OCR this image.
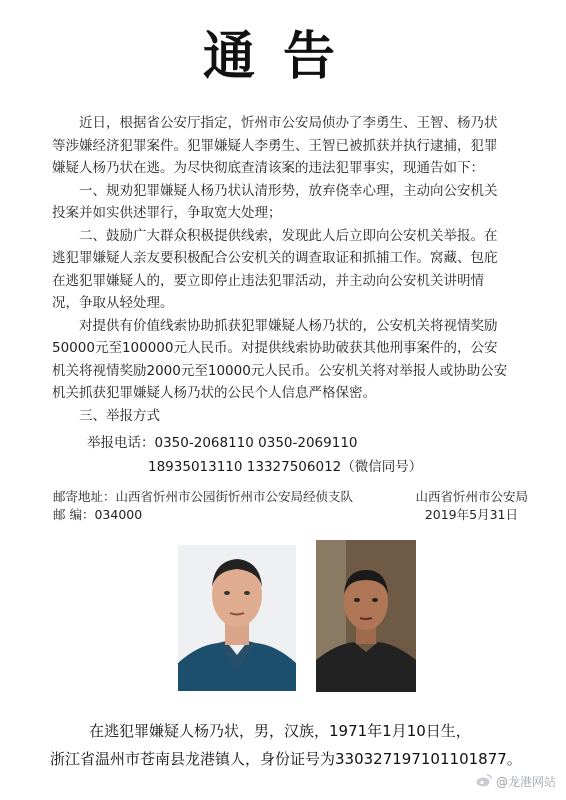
通告

近日，根据省公安厅指定，忻州市公安局侦办了李勇生、王智、杨乃状等涉嫌经济犯罪案件。犯罪嫌疑人李勇生、王智已被抓获并执行逮捕，犯罪嫌疑人杨乃状在逃。为尽快彻底查清该案的违法犯罪事实，现通告如下：

一、规劝犯罪嫌疑人杨乃状认清形势，放弃侥幸心理，主动向公安机关投案并如实供述罪行，争取宽大处理；

二、鼓励广大群众积极提供线索，发现此人后立即向公安机关举报。在逃犯罪嫌疑人亲友要积极配合公安机关的调查取证和抓捕工作。窝藏、包庇在逃犯罪嫌疑人的，要立即停止违法犯罪活动，并主动向公安机关讲明情况，争取从轻处理。

对提供有价值线索协助抓获犯罪嫌疑人杨乃状的，公安机关将视情奖励50000元至100000元人民币。对提供线索协助破获其他刑事案件的，公安机关将视情奖励2000元至10000元人民币。公安机关将对举报人或协助公安机关抓获犯罪嫌疑人杨乃状的公民个人信息严格保密。

三、举报方式

举报电话：0350-2068110 0350-2069110
18935013110 13327506012（微信同号）
邮寄地址：山西省忻州市公园街忻州市公安局经侦支队
邮 编：034000
山西省忻州市公安局
2019年5月31日

在逃犯罪嫌疑人杨乃状，男，汉族，1971年1月10日生，

浙江省温州市苍南县龙港镇人，身份证号为330327197101101877。

@龙港网站
